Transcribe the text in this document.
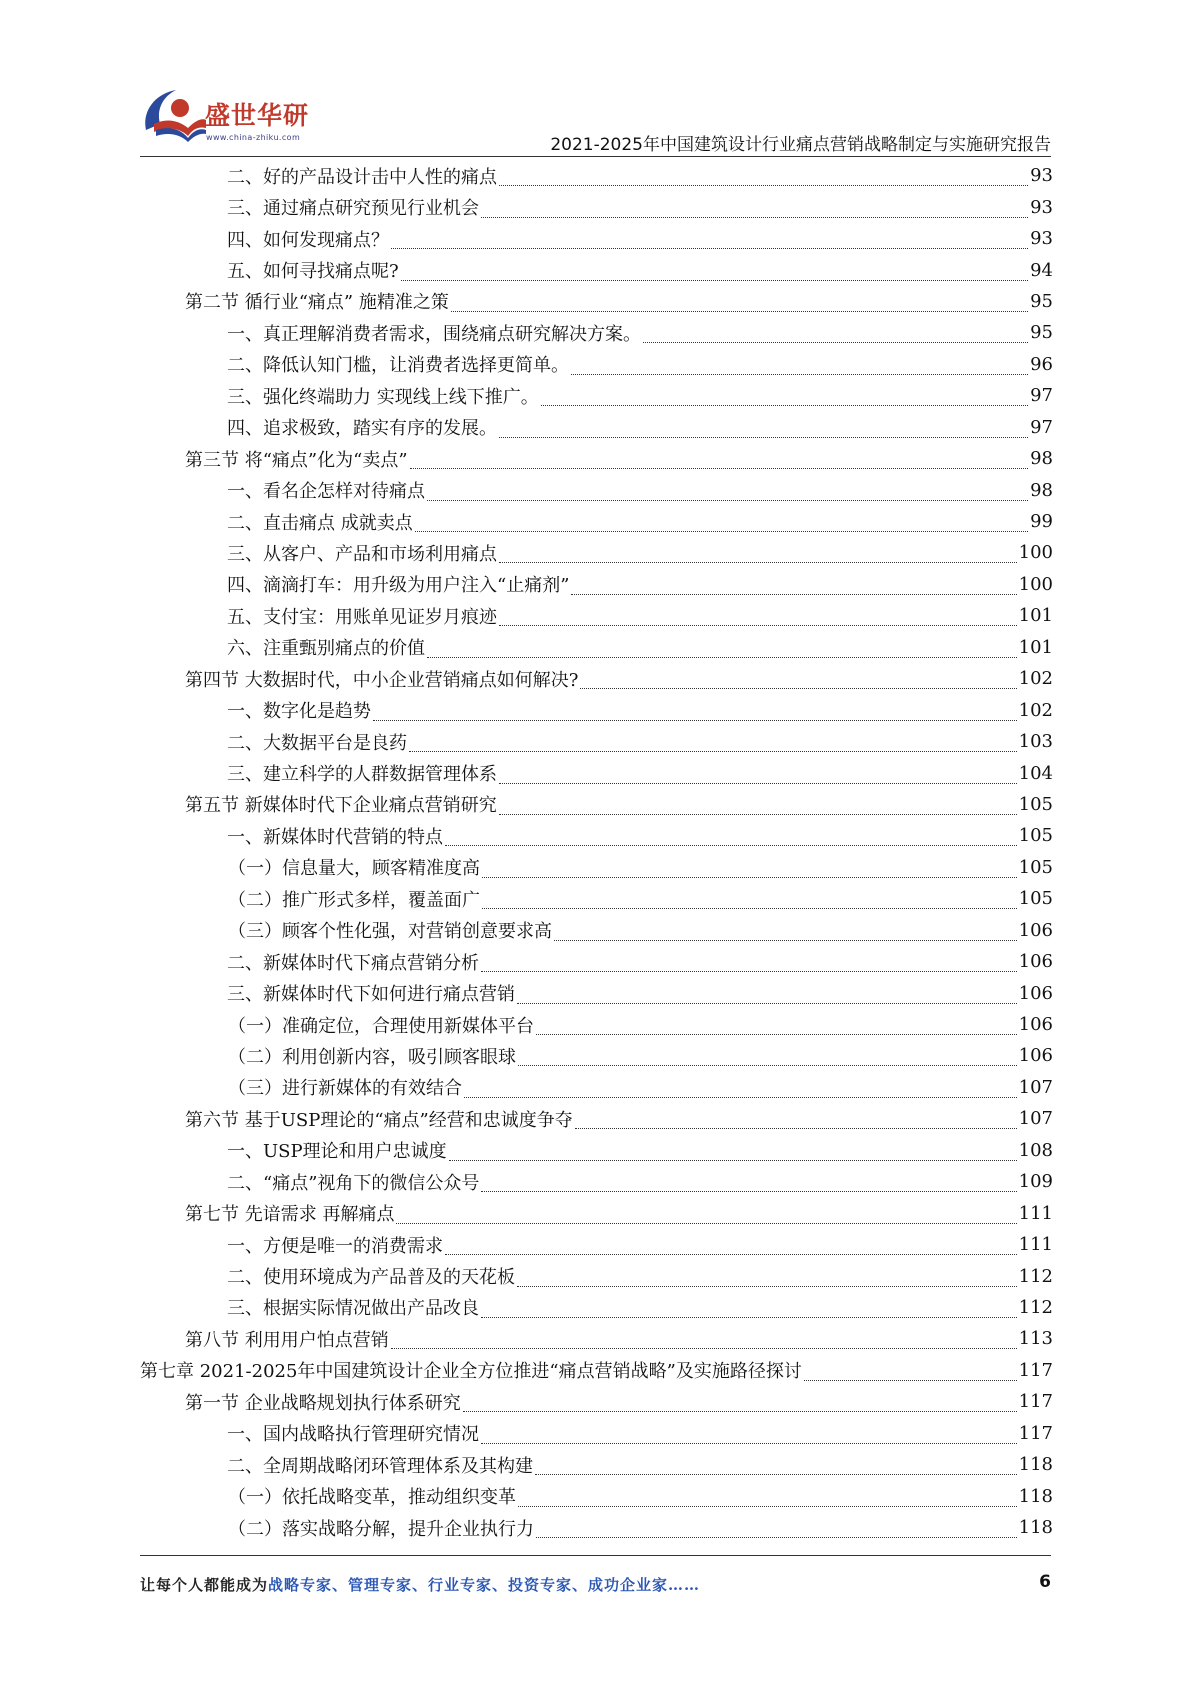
盛世华研
www.china-zhiku.com	2021-2025年中国建筑设计行业痛点营销战略制定与实施研究报告
二、好的产品设计击中人性的痛点	93
三、通过痛点研究预见行业机会	93
四、如何发现痛点？	93
五、如何寻找痛点呢?	94
第二节 循行业“痛点” 施精准之策	95
一、真正理解消费者需求，围绕痛点研究解决方案。	95
二、降低认知门槛，让消费者选择更简单。	96
三、强化终端助力 实现线上线下推广。	97
四、追求极致，踏实有序的发展。	97
第三节 将“痛点”化为“卖点”	98
一、看名企怎样对待痛点	98
二、直击痛点 成就卖点	99
三、从客户、产品和市场利用痛点	100
四、滴滴打车：用升级为用户注入“止痛剂”	100
五、支付宝：用账单见证岁月痕迹	101
六、注重甄别痛点的价值	101
第四节 大数据时代，中小企业营销痛点如何解决?	102
一、数字化是趋势	102
二、大数据平台是良药	103
三、建立科学的人群数据管理体系	104
第五节 新媒体时代下企业痛点营销研究	105
一、新媒体时代营销的特点	105
（一）信息量大，顾客精准度高	105
（二）推广形式多样，覆盖面广	105
（三）顾客个性化强，对营销创意要求高	106
二、新媒体时代下痛点营销分析	106
三、新媒体时代下如何进行痛点营销	106
（一）准确定位，合理使用新媒体平台	106
（二）利用创新内容，吸引顾客眼球	106
（三）进行新媒体的有效结合	107
第六节 基于USP理论的“痛点”经营和忠诚度争夺	107
一、USP理论和用户忠诚度	108
二、“痛点”视角下的微信公众号	109
第七节 先谙需求 再解痛点	111
一、方便是唯一的消费需求	111
二、使用环境成为产品普及的天花板	112
三、根据实际情况做出产品改良	112
第八节 利用用户怕点营销	113
第七章 2021-2025年中国建筑设计企业全方位推进“痛点营销战略”及实施路径探讨	117
第一节 企业战略规划执行体系研究	117
一、国内战略执行管理研究情况	117
二、全周期战略闭环管理体系及其构建	118
（一）依托战略变革，推动组织变革	118
（二）落实战略分解，提升企业执行力	118
让每个人都能成为战略专家、管理专家、行业专家、投资专家、成功企业家……	6
